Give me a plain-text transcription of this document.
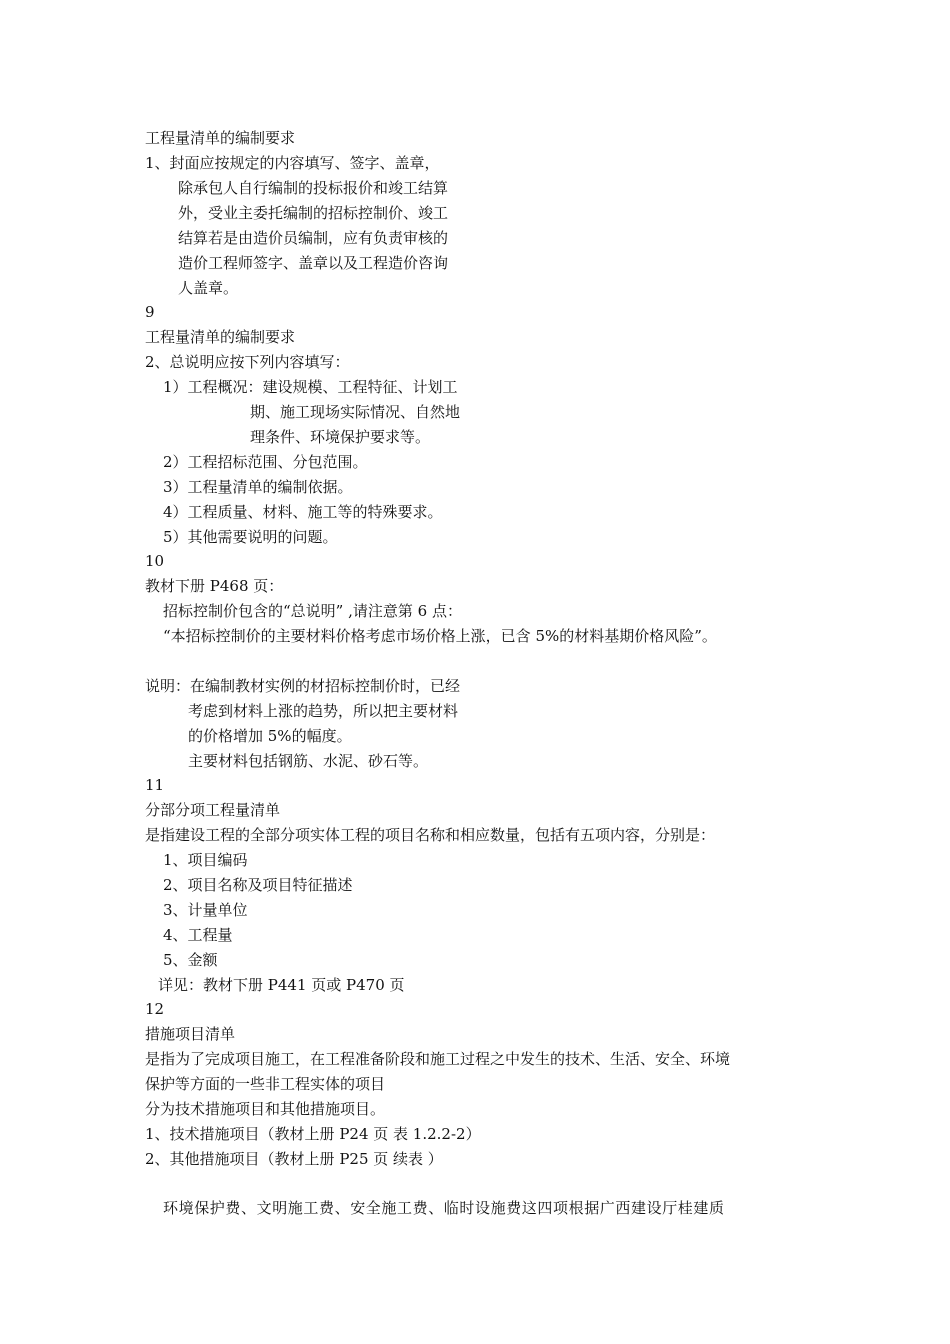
工程量清单的编制要求
1、封面应按规定的内容填写、签字、盖章，
除承包人自行编制的投标报价和竣工结算
外，受业主委托编制的招标控制价、竣工
结算若是由造价员编制，应有负责审核的
造价工程师签字、盖章以及工程造价咨询
人盖章。
9
工程量清单的编制要求
2、总说明应按下列内容填写：
1）工程概况：建设规模、工程特征、计划工
期、施工现场实际情况、自然地
理条件、环境保护要求等。
2）工程招标范围、分包范围。
3）工程量清单的编制依据。
4）工程质量、材料、施工等的特殊要求。
5）其他需要说明的问题。
10
教材下册 P468 页：
招标控制价包含的“总说明” ,请注意第 6 点：
“本招标控制价的主要材料价格考虑市场价格上涨，已含 5%的材料基期价格风险”。
说明：在编制教材实例的材招标控制价时，已经
考虑到材料上涨的趋势，所以把主要材料
的价格增加 5%的幅度。
主要材料包括钢筋、水泥、砂石等。
11
分部分项工程量清单
是指建设工程的全部分项实体工程的项目名称和相应数量，包括有五项内容，分别是：
1、项目编码
2、项目名称及项目特征描述
3、计量单位
4、工程量
5、金额
详见：教材下册 P441 页或 P470 页
12
措施项目清单
是指为了完成项目施工，在工程准备阶段和施工过程之中发生的技术、生活、安全、环境
保护等方面的一些非工程实体的项目
分为技术措施项目和其他措施项目。
1、技术措施项目（教材上册 P24 页 表 1.2.2-2）
2、其他措施项目（教材上册 P25 页 续表 ）
环境保护费、文明施工费、安全施工费、临时设施费这四项根据广西建设厅桂建质
